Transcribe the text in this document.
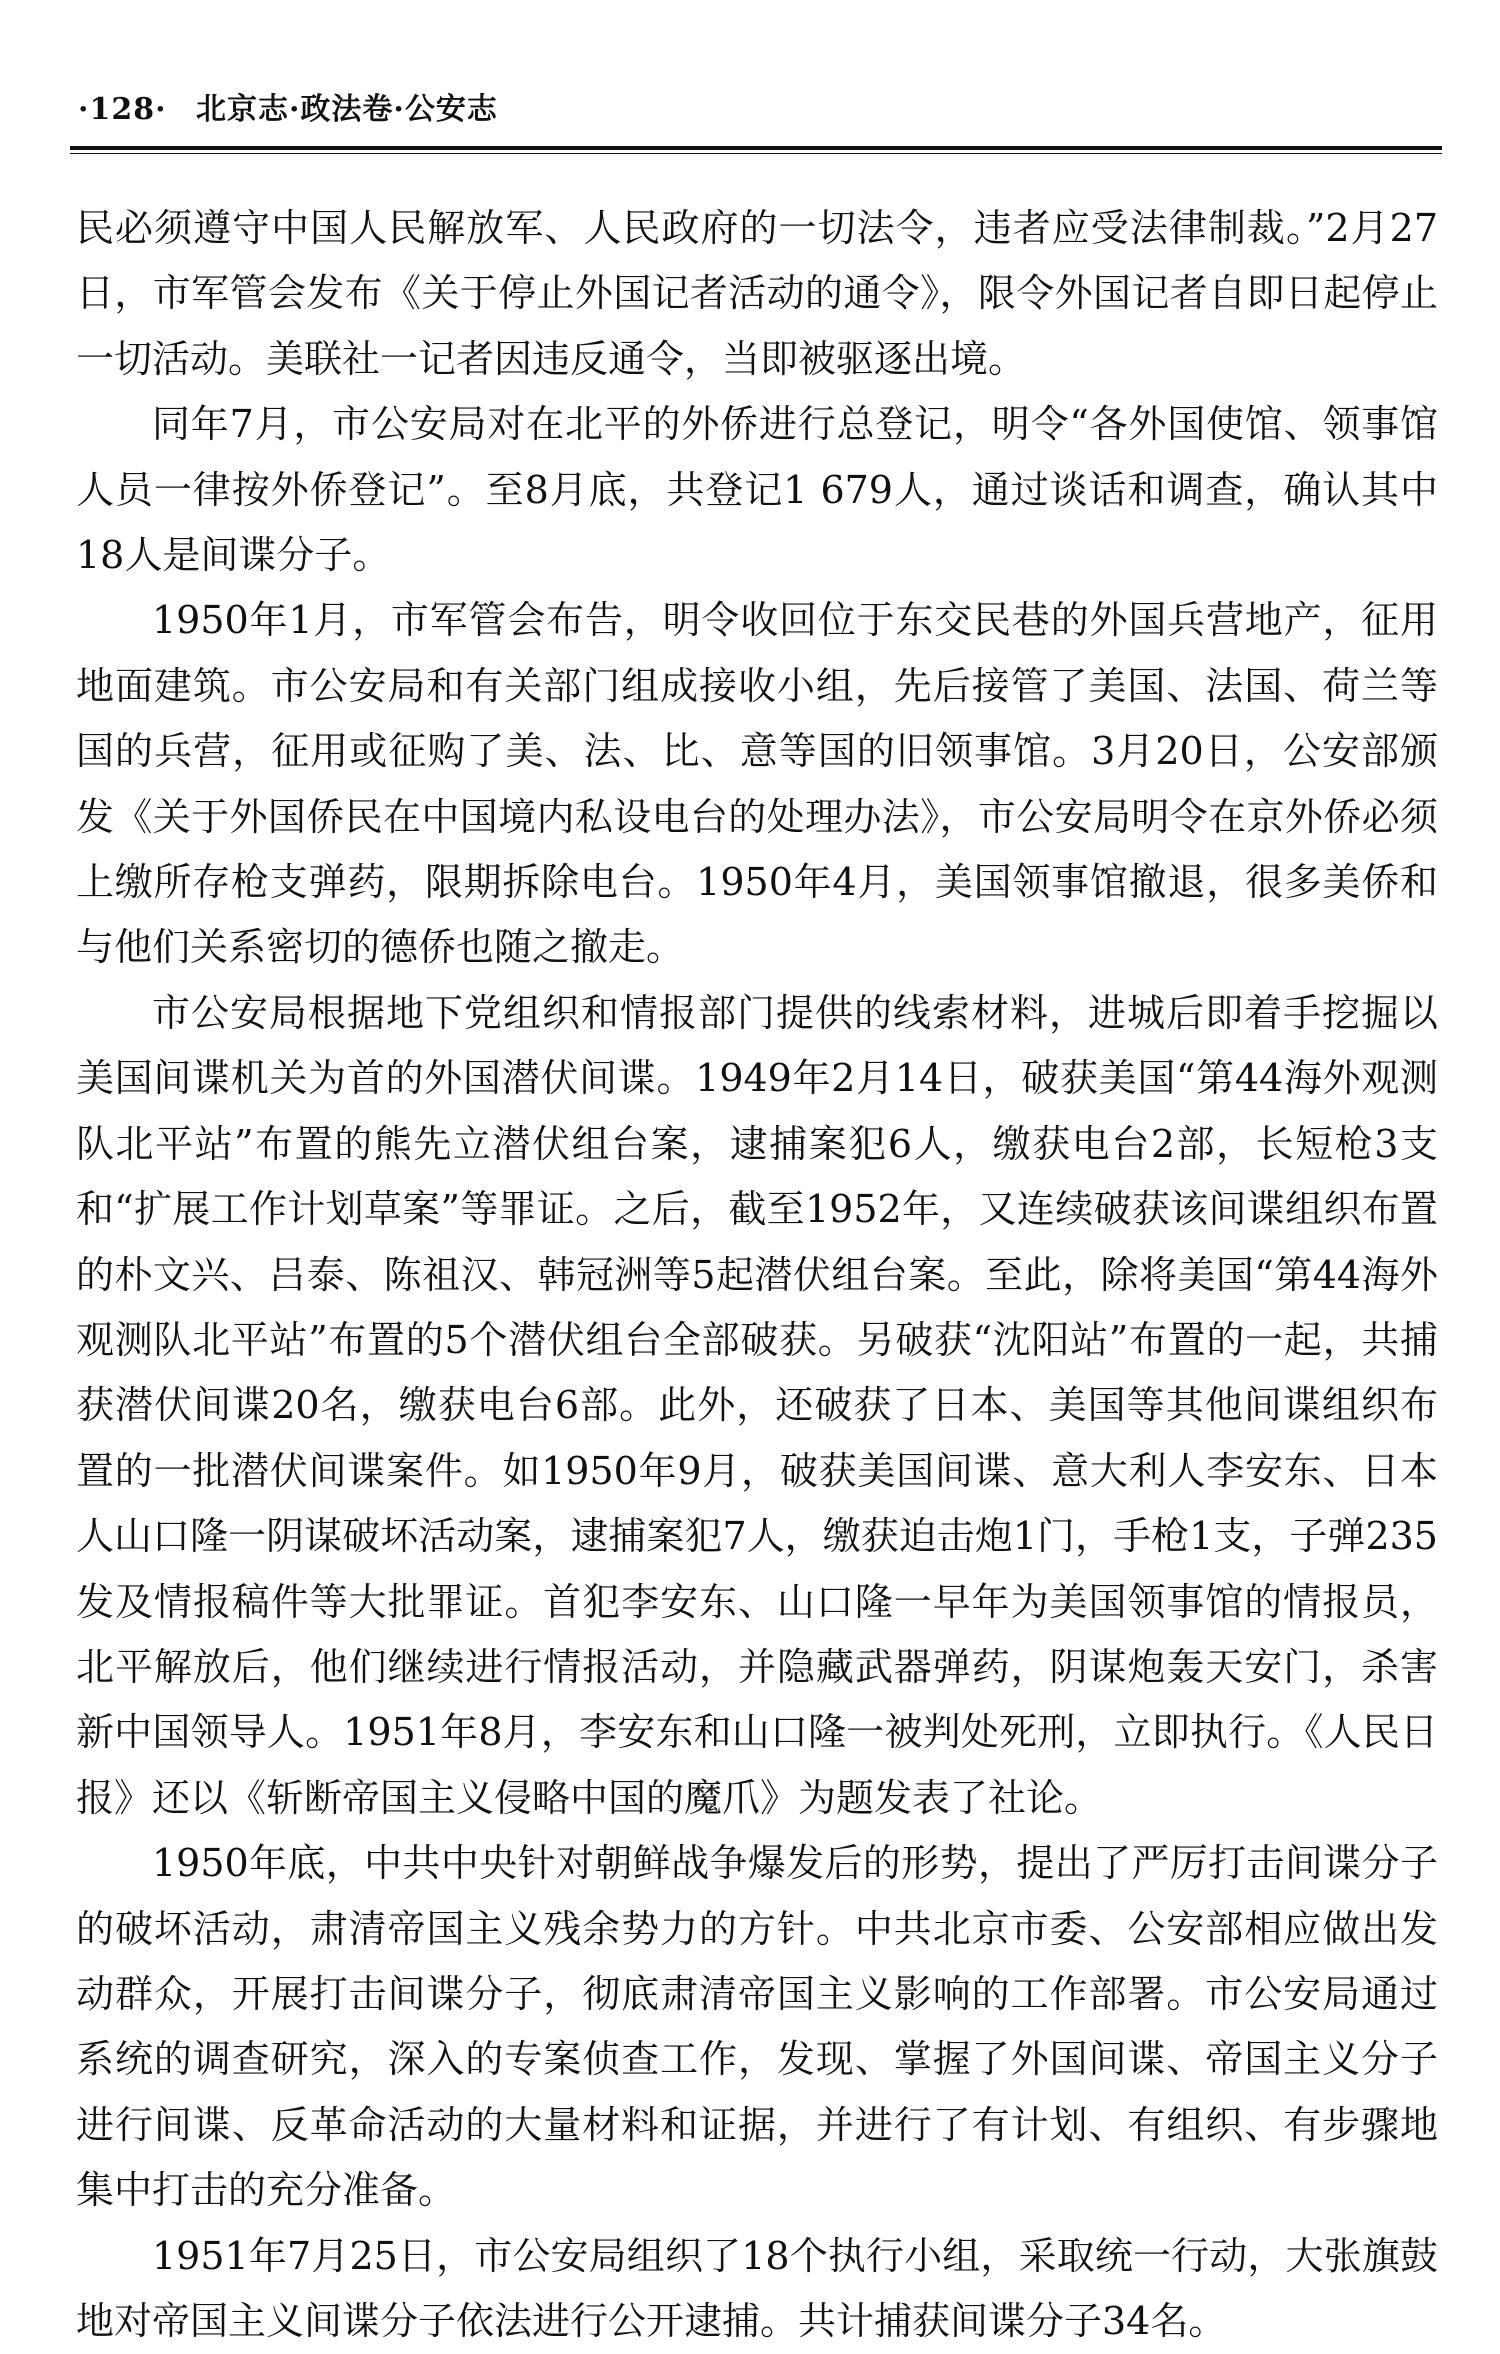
·128· 北京志·政法卷·公安志

民必须遵守中国人民解放军、人民政府的一切法令，违者应受法律制裁。”2月27日，市军管会发布《关于停止外国记者活动的通令》，限令外国记者自即日起停止一切活动。美联社一记者因违反通令，当即被驱逐出境。

同年7月，市公安局对在北平的外侨进行总登记，明令“各外国使馆、领事馆人员一律按外侨登记”。至8月底，共登记1 679人，通过谈话和调查，确认其中18人是间谍分子。

1950年1月，市军管会布告，明令收回位于东交民巷的外国兵营地产，征用地面建筑。市公安局和有关部门组成接收小组，先后接管了美国、法国、荷兰等国的兵营，征用或征购了美、法、比、意等国的旧领事馆。3月20日，公安部颁发《关于外国侨民在中国境内私设电台的处理办法》，市公安局明令在京外侨必须上缴所存枪支弹药，限期拆除电台。1950年4月，美国领事馆撤退，很多美侨和与他们关系密切的德侨也随之撤走。

市公安局根据地下党组织和情报部门提供的线索材料，进城后即着手挖掘以美国间谍机关为首的外国潜伏间谍。1949年2月14日，破获美国“第44海外观测队北平站”布置的熊先立潜伏组台案，逮捕案犯6人，缴获电台2部，长短枪3支和“扩展工作计划草案”等罪证。之后，截至1952年，又连续破获该间谍组织布置的朴文兴、吕泰、陈祖汉、韩冠洲等5起潜伏组台案。至此，除将美国“第44海外观测队北平站”布置的5个潜伏组台全部破获。另破获“沈阳站”布置的一起，共捕获潜伏间谍20名，缴获电台6部。此外，还破获了日本、美国等其他间谍组织布置的一批潜伏间谍案件。如1950年9月，破获美国间谍、意大利人李安东、日本人山口隆一阴谋破坏活动案，逮捕案犯7人，缴获迫击炮1门，手枪1支，子弹235发及情报稿件等大批罪证。首犯李安东、山口隆一早年为美国领事馆的情报员，北平解放后，他们继续进行情报活动，并隐藏武器弹药，阴谋炮轰天安门，杀害新中国领导人。1951年8月，李安东和山口隆一被判处死刑，立即执行。《人民日报》还以《斩断帝国主义侵略中国的魔爪》为题发表了社论。

1950年底，中共中央针对朝鲜战争爆发后的形势，提出了严厉打击间谍分子的破坏活动，肃清帝国主义残余势力的方针。中共北京市委、公安部相应做出发动群众，开展打击间谍分子，彻底肃清帝国主义影响的工作部署。市公安局通过系统的调查研究，深入的专案侦查工作，发现、掌握了外国间谍、帝国主义分子进行间谍、反革命活动的大量材料和证据，并进行了有计划、有组织、有步骤地集中打击的充分准备。

1951年7月25日，市公安局组织了18个执行小组，采取统一行动，大张旗鼓地对帝国主义间谍分子依法进行公开逮捕。共计捕获间谍分子34名。
